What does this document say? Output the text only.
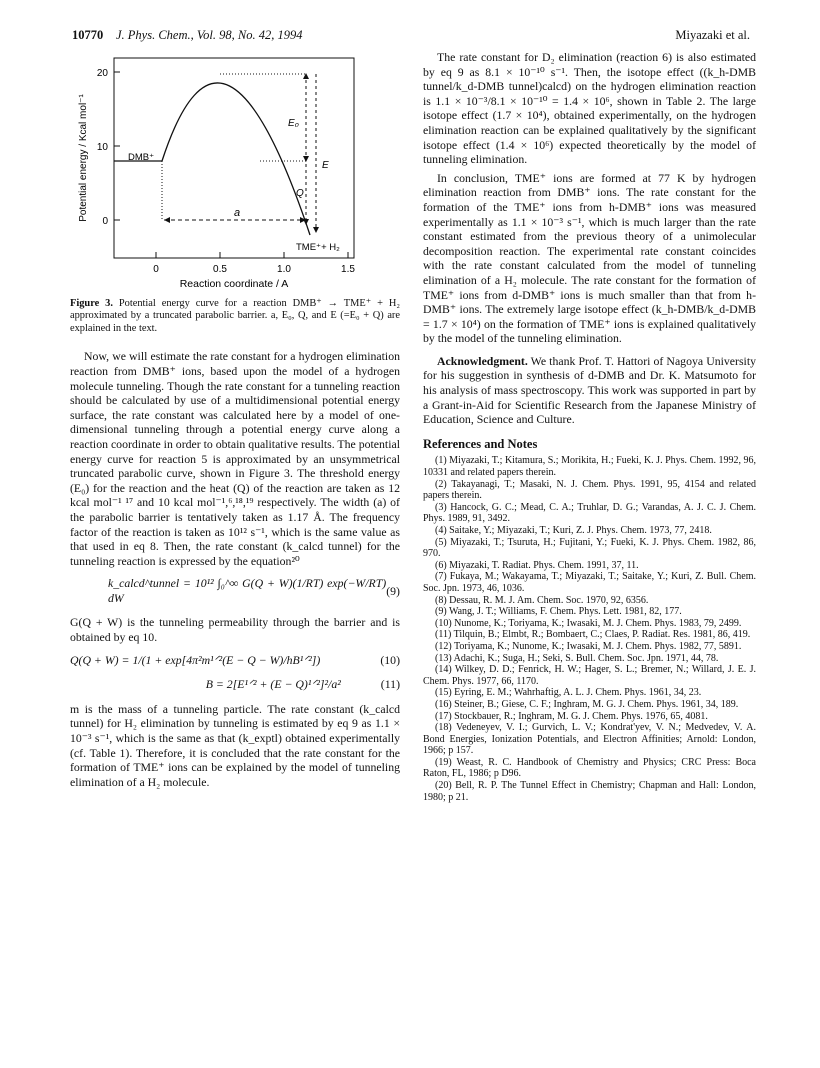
10770 J. Phys. Chem., Vol. 98, No. 42, 1994	Miyazaki et al.
0
10
20
0	0.5	1.0	1.5
Reaction coordinate / A
Potential energy / Kcal mol⁻¹	DMB⁺
E₀
E
Q
a
TME⁺+ H₂
Figure 3. Potential energy curve for a reaction DMB⁺ → TME⁺ + H₂ approximated by a truncated parabolic barrier. a, E₀, Q, and E (=E₀ + Q) are explained in the text.

Now, we will estimate the rate constant for a hydrogen elimination reaction from DMB⁺ ions, based upon the model of a hydrogen molecule tunneling. Though the rate constant for a tunneling reaction should be calculated by use of a multidimensional potential energy surface, the rate constant was calculated here by a model of one-dimensional tunneling through a potential energy curve along a reaction coordinate in order to obtain qualitative results. The potential energy curve for reaction 5 is approximated by an unsymmetrical truncated parabolic curve, shown in Figure 3. The threshold energy (E₀) for the reaction and the heat (Q) of the reaction are taken as 12 kcal mol⁻¹ ¹⁷ and 10 kcal mol⁻¹,⁶,¹⁸,¹⁹ respectively. The width (a) of the parabolic barrier is tentatively taken as 1.17 Å. The frequency factor of the reaction is taken as 10¹² s⁻¹, which is the same value as that used in eq 8. Then, the rate constant (k_calcd tunnel) for the tunneling reaction is expressed by the equation²⁰

k_calcd^tunnel = 10¹² ∫₀^∞ G(Q + W)(1/RT) exp(−W/RT) dW
(9)

G(Q + W) is the tunneling permeability through the barrier and is obtained by eq 10.

Q(Q + W) = 1/(1 + exp[4π²m¹ᐟ²(E − Q − W)/hB¹ᐟ²])	(10)
B = 2[E¹ᐟ² + (E − Q)¹ᐟ²]²/a²	(11)

m is the mass of a tunneling particle. The rate constant (k_calcd tunnel) for H₂ elimination by tunneling is estimated by eq 9 as 1.1 × 10⁻³ s⁻¹, which is the same as that (k_exptl) obtained experimentally (cf. Table 1). Therefore, it is concluded that the rate constant for the formation of TME⁺ ions can be explained by the model of tunneling elimination of a H₂ molecule.

The rate constant for D₂ elimination (reaction 6) is also estimated by eq 9 as 8.1 × 10⁻¹⁰ s⁻¹. Then, the isotope effect ((k_h-DMB tunnel/k_d-DMB tunnel)calcd) on the hydrogen elimination reaction is 1.1 × 10⁻³/8.1 × 10⁻¹⁰ = 1.4 × 10⁶, shown in Table 2. The large isotope effect (1.7 × 10⁴), obtained experimentally, on the hydrogen elimination reaction can be explained qualitatively by the significant isotope effect (1.4 × 10⁶) expected theoretically by the model of tunneling elimination.

In conclusion, TME⁺ ions are formed at 77 K by hydrogen elimination reaction from DMB⁺ ions. The rate constant for the formation of the TME⁺ ions from h-DMB⁺ ions was measured experimentally as 1.1 × 10⁻³ s⁻¹, which is much larger than the rate constant estimated from the previous theory of a unimolecular decomposition reaction. The experimental rate constant coincides with the rate constant calculated from the model of tunneling elimination of a H₂ molecule. The rate constant for the formation of TME⁺ ions from d-DMB⁺ ions is much smaller than that from h-DMB⁺ ions. The extremely large isotope effect (k_h-DMB/k_d-DMB = 1.7 × 10⁴) on the formation of TME⁺ ions is explained qualitatively by the model of the tunneling elimination.

Acknowledgment. We thank Prof. T. Hattori of Nagoya University for his suggestion in synthesis of d-DMB and Dr. K. Matsumoto for his analysis of mass spectroscopy. This work was supported in part by a Grant-in-Aid for Scientific Research from the Japanese Ministry of Education, Science and Culture.

References and Notes
(1) Miyazaki, T.; Kitamura, S.; Morikita, H.; Fueki, K. J. Phys. Chem. 1992, 96, 10331 and related papers therein.
(2) Takayanagi, T.; Masaki, N. J. Chem. Phys. 1991, 95, 4154 and related papers therein.
(3) Hancock, G. C.; Mead, C. A.; Truhlar, D. G.; Varandas, A. J. C. J. Chem. Phys. 1989, 91, 3492.
(4) Saitake, Y.; Miyazaki, T.; Kuri, Z. J. Phys. Chem. 1973, 77, 2418.
(5) Miyazaki, T.; Tsuruta, H.; Fujitani, Y.; Fueki, K. J. Phys. Chem. 1982, 86, 970.
(6) Miyazaki, T. Radiat. Phys. Chem. 1991, 37, 11.
(7) Fukaya, M.; Wakayama, T.; Miyazaki, T.; Saitake, Y.; Kuri, Z. Bull. Chem. Soc. Jpn. 1973, 46, 1036.
(8) Dessau, R. M. J. Am. Chem. Soc. 1970, 92, 6356.
(9) Wang, J. T.; Williams, F. Chem. Phys. Lett. 1981, 82, 177.
(10) Nunome, K.; Toriyama, K.; Iwasaki, M. J. Chem. Phys. 1983, 79, 2499.
(11) Tilquin, B.; Elmbt, R.; Bombaert, C.; Claes, P. Radiat. Res. 1981, 86, 419.
(12) Toriyama, K.; Nunome, K.; Iwasaki, M. J. Chem. Phys. 1982, 77, 5891.
(13) Adachi, K.; Suga, H.; Seki, S. Bull. Chem. Soc. Jpn. 1971, 44, 78.
(14) Wilkey, D. D.; Fenrick, H. W.; Hager, S. L.; Bremer, N.; Willard, J. E. J. Chem. Phys. 1977, 66, 1170.
(15) Eyring, E. M.; Wahrhaftig, A. L. J. Chem. Phys. 1961, 34, 23.
(16) Steiner, B.; Giese, C. F.; Inghram, M. G. J. Chem. Phys. 1961, 34, 189.
(17) Stockbauer, R.; Inghram, M. G. J. Chem. Phys. 1976, 65, 4081.
(18) Vedeneyev, V. I.; Gurvich, L. V.; Kondrat'yev, V. N.; Medvedev, V. A. Bond Energies, Ionization Potentials, and Electron Affinities; Arnold: London, 1966; p 157.
(19) Weast, R. C. Handbook of Chemistry and Physics; CRC Press: Boca Raton, FL, 1986; p D96.
(20) Bell, R. P. The Tunnel Effect in Chemistry; Chapman and Hall: London, 1980; p 21.
